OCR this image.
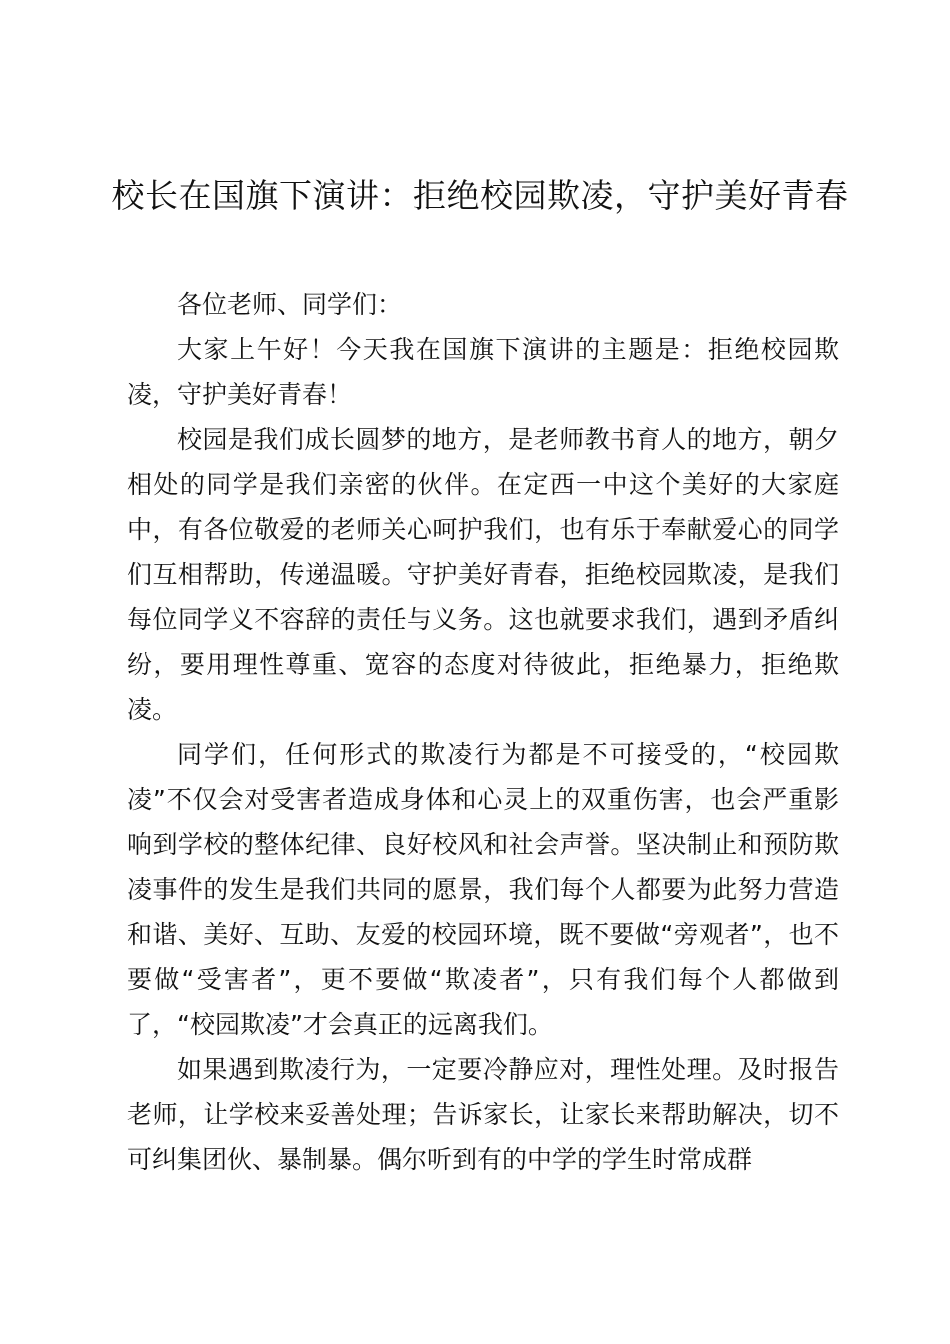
校长在国旗下演讲：拒绝校园欺凌，守护美好青春

各位老师、同学们：

大家上午好！今天我在国旗下演讲的主题是：拒绝校园欺凌，守护美好青春！

校园是我们成长圆梦的地方，是老师教书育人的地方，朝夕相处的同学是我们亲密的伙伴。在定西一中这个美好的大家庭中，有各位敬爱的老师关心呵护我们，也有乐于奉献爱心的同学们互相帮助，传递温暖。守护美好青春，拒绝校园欺凌，是我们每位同学义不容辞的责任与义务。这也就要求我们，遇到矛盾纠纷，要用理性尊重、宽容的态度对待彼此，拒绝暴力，拒绝欺凌。

同学们，任何形式的欺凌行为都是不可接受的，“校园欺凌”不仅会对受害者造成身体和心灵上的双重伤害，也会严重影响到学校的整体纪律、良好校风和社会声誉。坚决制止和预防欺凌事件的发生是我们共同的愿景，我们每个人都要为此努力营造和谐、美好、互助、友爱的校园环境，既不要做“旁观者”，也不要做“受害者”，更不要做“欺凌者”，只有我们每个人都做到了，“校园欺凌”才会真正的远离我们。

如果遇到欺凌行为，一定要冷静应对，理性处理。及时报告老师，让学校来妥善处理；告诉家长，让家长来帮助解决，切不可纠集团伙、暴制暴。偶尔听到有的中学的学生时常成群
